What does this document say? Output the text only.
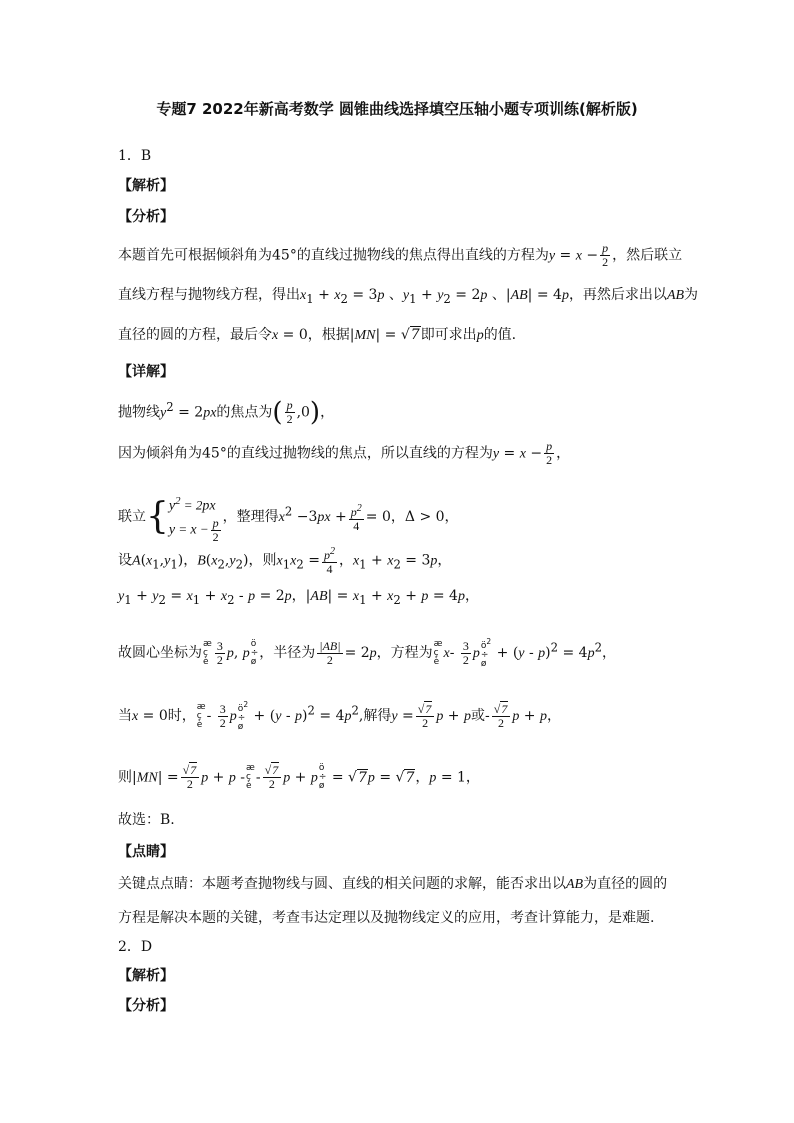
专题7 2022年新高考数学 圆锥曲线选择填空压轴小题专项训练(解析版)
1．B
【解析】
【分析】
本题首先可根据倾斜角为45°的直线过抛物线的焦点得出直线的方程为$y = x - \frac{p}{2}$ ，然后联立
直线方程与抛物线方程，得出$x_1 + x_2 = 3p$ 、$y_1 + y_2 = 2p$ 、|AB| = 4p，再然后求出以AB为
直径的圆的方程，最后令x = 0，根据|MN| = √7即可求出p的值.
【详解】
抛物线$y^2 = 2px$的焦点为( $\frac{p}{2} ,0$)，
因为倾斜角为45°的直线过抛物线的焦点，所以直线的方程为$y = x - \frac{p}{2}$ ，
联立{ $y^2 = 2px$
$y = x - \frac{p}{2}$
，整理得$x^2 -3px + \frac{p^2}{4} = 0$，Δ > 0，
设$A(x_1,y_1)$，$B(x_2,y_2)$，则$x_1x_2 = \frac{p^2}{4}$ ，$x_1 + x_2 = 3p$，
$y_1 + y_2 = x_1 + x_2 - p = 2p$，$|AB| = x_1 + x_2 + p = 4p$，
故圆心坐标为
æ
ç
è $\frac{3}{2} p$, p
ö
÷
ø
，半径为 $\frac{|AB|}{2} = 2p$，方程为
æ
ç
è
$x- \frac{3}{2}$ p $ö^2$
÷
ø
+ $(y - p)^2 = 4p^2$，
当x = 0时，
æ
ç
è
- $\frac{3}{2}$ p $ö^2$
÷
ø
+ $(y - p)^2 = 4p^2$,解得$y = \frac{√7}{2}$ p + p或- $\frac{√7}{2}$ p + p，
则$|MN| = \frac{√7}{2}$ p + p -
æ
ç
è
- $\frac{√7}{2}$ p + p
ö
÷
ø
= √7p = √7，p = 1，
故选：B.
【点睛】
关键点点睛：本题考查抛物线与圆、直线的相关问题的求解，能否求出以AB为直径的圆的
方程是解决本题的关键，考查韦达定理以及抛物线定义的应用，考查计算能力，是难题.
2．D
【解析】
【分析】
